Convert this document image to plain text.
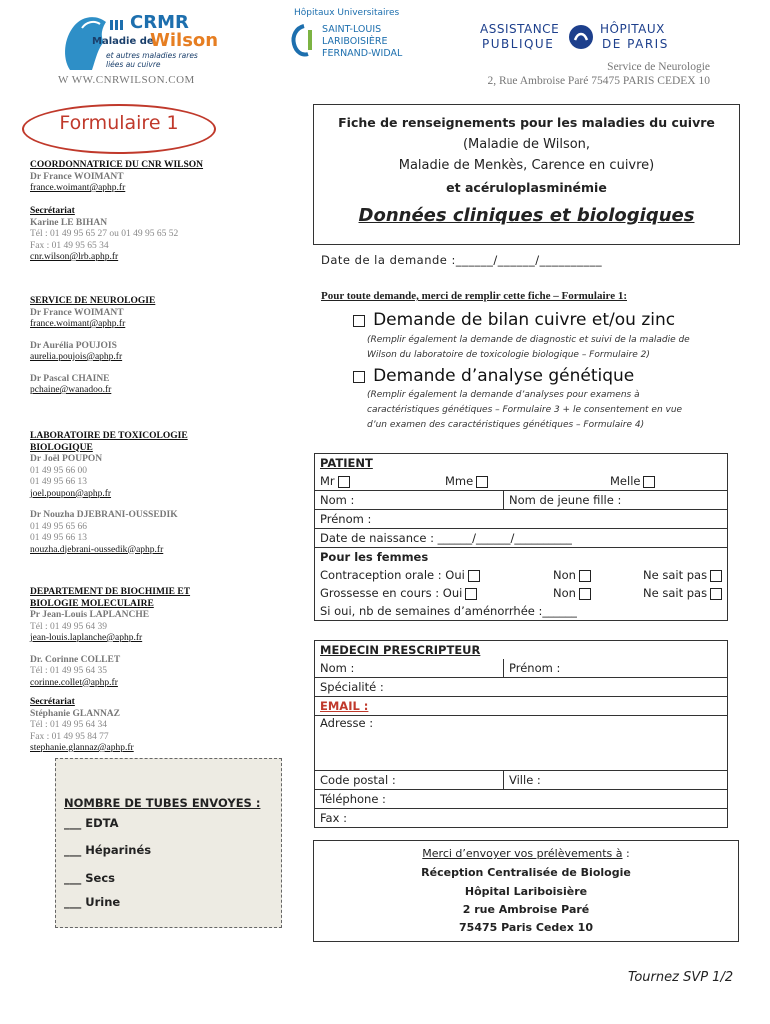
CRMR
Maladie de
Wilson
et autres maladies rares liées au cuivre
W WW.CNRWILSON.COM
Hôpitaux Universitaires
SAINT-LOUIS
LARIBOISIÈRE
FERNAND-WIDAL
ASSISTANCE
PUBLIQUE
HÔPITAUX
DE PARIS
Service de Neurologie
2, Rue Ambroise Paré 75475 PARIS CEDEX 10
Formulaire 1
COORDONNATRICE DU CNR WILSON
Dr France WOIMANT
france.woimant@aphp.fr
Secrétariat
Karine LE BIHAN
Tél : 01 49 95 65 27 ou 01 49 95 65 52
Fax : 01 49 95 65 34
cnr.wilson@lrb.aphp.fr
SERVICE DE NEUROLOGIE
Dr France WOIMANT
france.woimant@aphp.fr
Dr Aurélia POUJOIS
aurelia.poujois@aphp.fr
Dr Pascal CHAINE
pchaine@wanadoo.fr
LABORATOIRE DE TOXICOLOGIE BIOLOGIQUE
Dr Joël POUPON
01 49 95 66 00
01 49 95 66 13
joel.poupon@aphp.fr
Dr Nouzha DJEBRANI-OUSSEDIK
01 49 95 65 66
01 49 95 66 13
nouzha.djebrani-oussedik@aphp.fr
DEPARTEMENT DE BIOCHIMIE ET BIOLOGIE MOLECULAIRE
Pr Jean-Louis LAPLANCHE
Tél : 01 49 95 64 39
jean-louis.laplanche@aphp.fr
Dr. Corinne COLLET
Tél : 01 49 95 64 35
corinne.collet@aphp.fr
Secrétariat
Stéphanie GLANNAZ
Tél : 01 49 95 64 34
Fax : 01 49 95 84 77
stephanie.glannaz@aphp.fr
NOMBRE DE TUBES ENVOYES :
___ EDTA
___ Héparinés
___ Secs
___ Urine
Fiche de renseignements pour les maladies du cuivre
(Maladie de Wilson,
Maladie de Menkès, Carence en cuivre)
et acéruloplasminémie
Données cliniques et biologiques
Date de la demande :______/______/__________
Pour toute demande, merci de remplir cette fiche – Formulaire 1:
Demande de bilan cuivre et/ou zinc
(Remplir également la demande de diagnostic et suivi de la maladie de
Wilson du laboratoire de toxicologie biologique – Formulaire 2)
Demande d’analyse génétique
(Remplir également la demande d’analyses pour examens à
caractéristiques génétiques – Formulaire 3 + le consentement en vue
d’un examen des caractéristiques génétiques – Formulaire 4)
PATIENT
Mr	Mme	Melle

Nom :	Nom de jeune fille :
Prénom :
Date de naissance : ______/______/__________
Pour les femmes
Contraception orale : Oui	Non	Ne sait pas

Grossesse en cours : Oui	Non	Ne sait pas

Si oui, nb de semaines d’aménorrhée :______
MEDECIN PRESCRIPTEUR	
Nom :	Prénom :
Spécialité :	
EMAIL :	
Adresse :	
Code postal :	Ville :
Téléphone :	
Fax :	
Merci d’envoyer vos prélèvements à :
Réception Centralisée de Biologie
Hôpital Lariboisière
2 rue Ambroise Paré
75475 Paris Cedex 10
Tournez SVP 1/2
